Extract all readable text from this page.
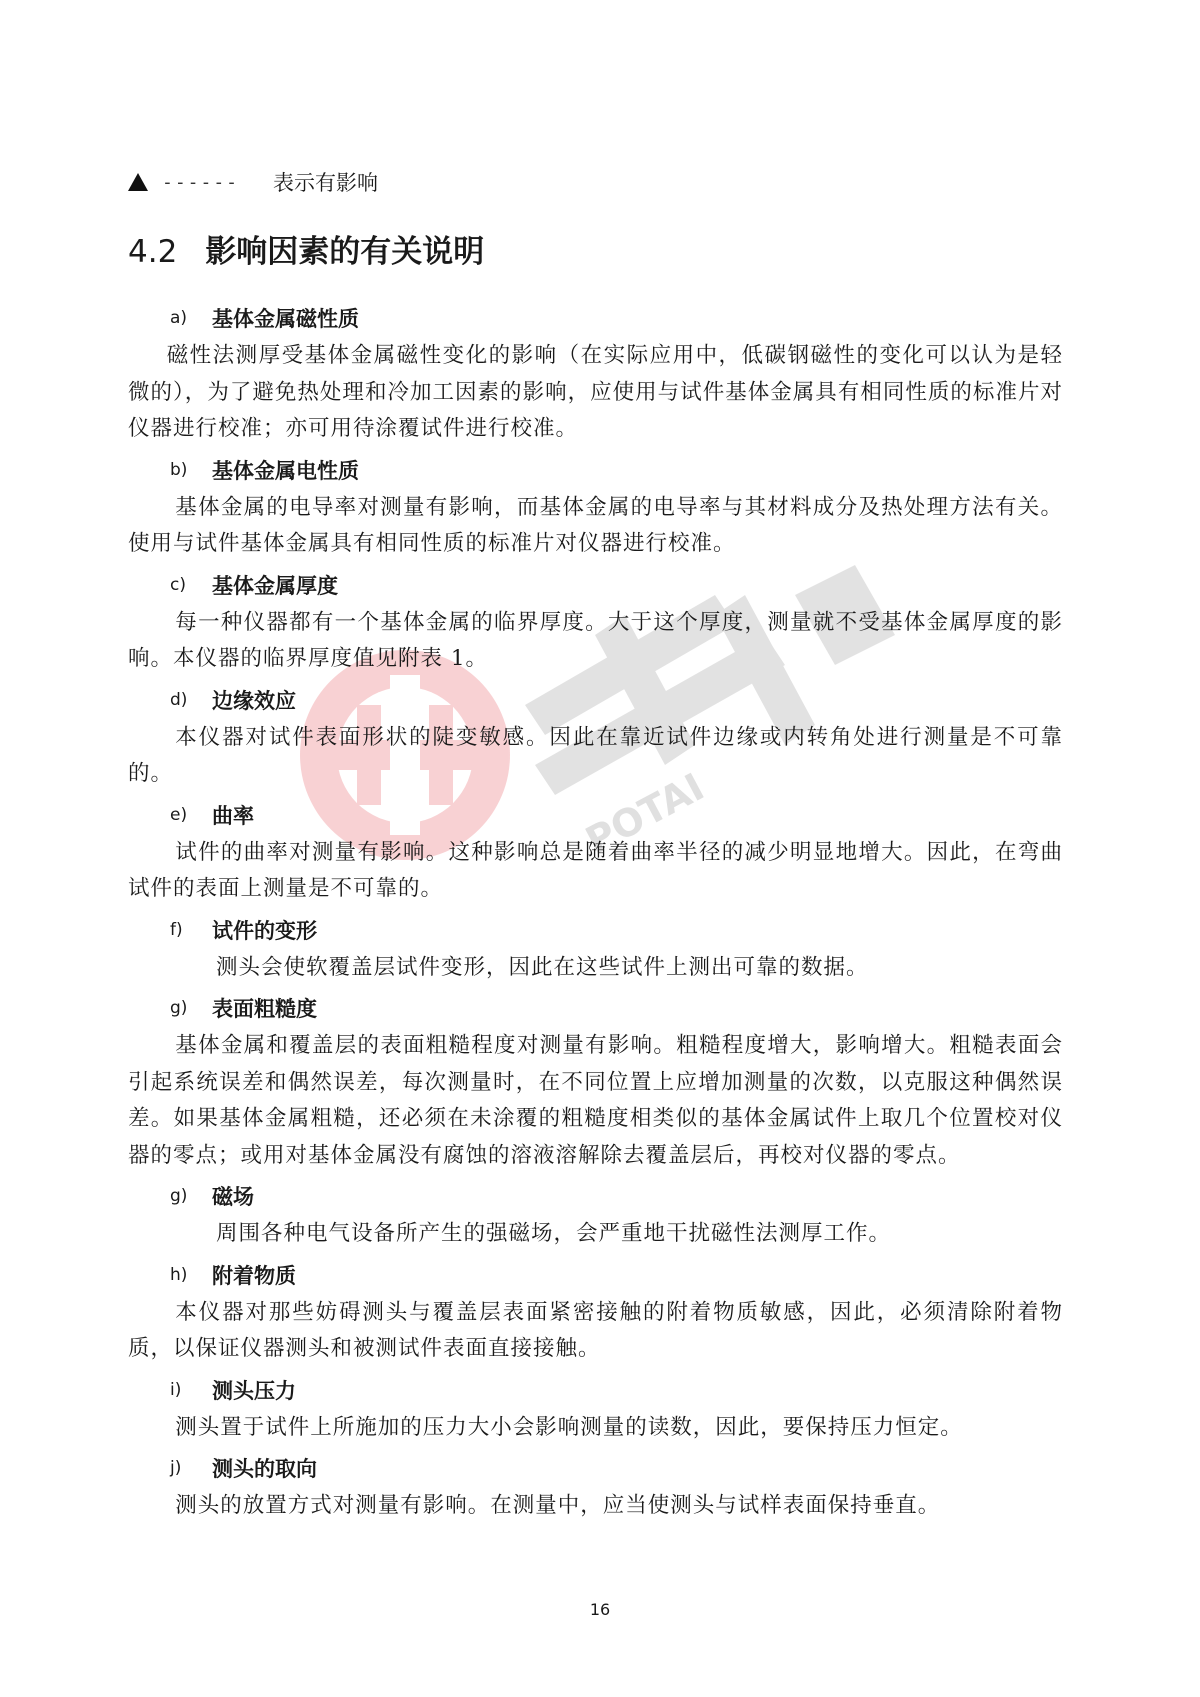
POTAI
------ 表示有影响
4.2 影响因素的有关说明
a)	基体金属磁性质
磁性法测厚受基体金属磁性变化的影响（在实际应用中，低碳钢磁性的变化可以认为是轻微的），为了避免热处理和冷加工因素的影响，应使用与试件基体金属具有相同性质的标准片对仪器进行校准；亦可用待涂覆试件进行校准。
b)	基体金属电性质
基体金属的电导率对测量有影响，而基体金属的电导率与其材料成分及热处理方法有关。使用与试件基体金属具有相同性质的标准片对仪器进行校准。
c)	基体金属厚度
每一种仪器都有一个基体金属的临界厚度。大于这个厚度，测量就不受基体金属厚度的影响。本仪器的临界厚度值见附表 1。
d)	边缘效应
本仪器对试件表面形状的陡变敏感。因此在靠近试件边缘或内转角处进行测量是不可靠的。
e)	曲率
试件的曲率对测量有影响。这种影响总是随着曲率半径的减少明显地增大。因此，在弯曲试件的表面上测量是不可靠的。
f)	试件的变形
测头会使软覆盖层试件变形，因此在这些试件上测出可靠的数据。
g)	表面粗糙度
基体金属和覆盖层的表面粗糙程度对测量有影响。粗糙程度增大，影响增大。粗糙表面会引起系统误差和偶然误差，每次测量时，在不同位置上应增加测量的次数，以克服这种偶然误差。如果基体金属粗糙，还必须在未涂覆的粗糙度相类似的基体金属试件上取几个位置校对仪器的零点；或用对基体金属没有腐蚀的溶液溶解除去覆盖层后，再校对仪器的零点。
g)	磁场
周围各种电气设备所产生的强磁场，会严重地干扰磁性法测厚工作。
h)	附着物质
本仪器对那些妨碍测头与覆盖层表面紧密接触的附着物质敏感，因此，必须清除附着物质，以保证仪器测头和被测试件表面直接接触。
i)	测头压力
测头置于试件上所施加的压力大小会影响测量的读数，因此，要保持压力恒定。
j)	测头的取向
测头的放置方式对测量有影响。在测量中，应当使测头与试样表面保持垂直。
16
